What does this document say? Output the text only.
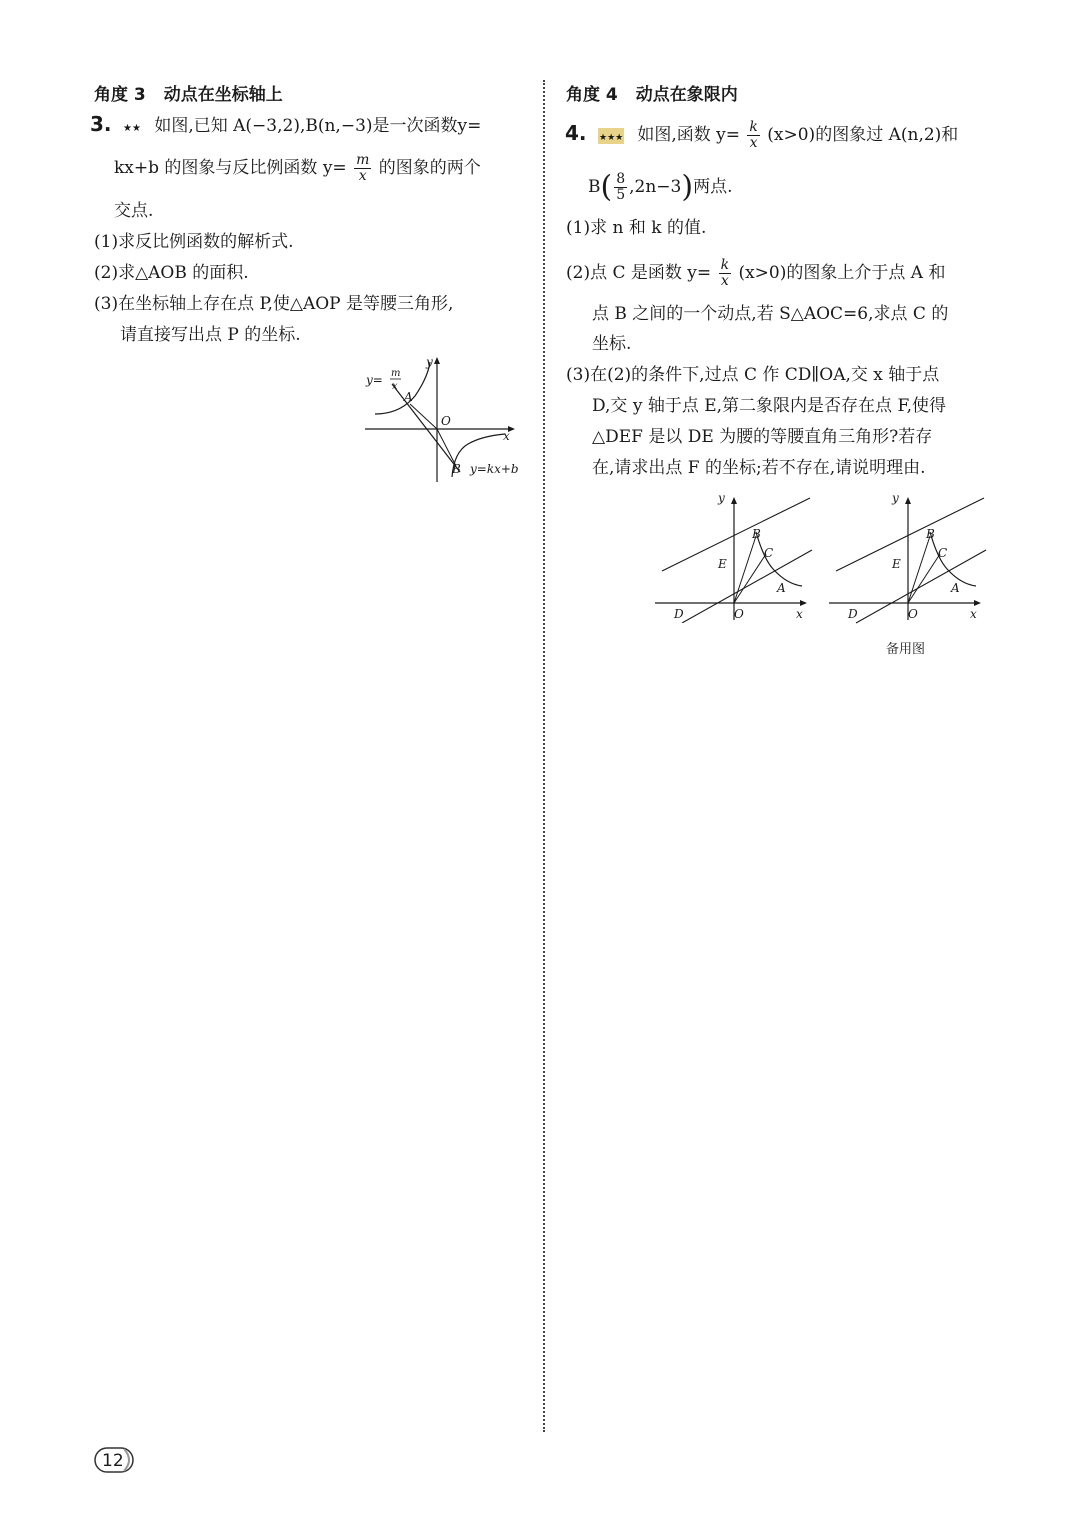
角度 3 动点在坐标轴上
3. ★★ 如图,已知 A(−3,2),B(n,−3)是一次函数y=
kx+b 的图象与反比例函数 $y= \frac{m}{x}$ 的图象的两个
交点.
(1)求反比例函数的解析式.
(2)求△AOB 的面积.
(3)在坐标轴上存在点 P,使△AOP 是等腰三角形,
请直接写出点 P 的坐标.
y= m
x
A
O
B y=kx+b
x
y
角度 4 动点在象限内
4. ★★★ 如图,函数 $y= \frac{k}{x} (x>0)$的图象过 A(n,2)和
$B( \frac{8}{5} ,2n-3)$两点.
(1)求 n 和 k 的值.
(2)点 C 是函数 $y= \frac{k}{x} (x>0)$的图象上介于点 A 和
点 B 之间的一个动点,若 S△AOC=6,求点 C 的
坐标.
(3)在(2)的条件下,过点 C 作 CD∥OA,交 x 轴于点
D,交 y 轴于点 E,第二象限内是否存在点 F,使得
△DEF 是以 DE 为腰的等腰直角三角形?若存
在,请求出点 F 的坐标;若不存在,请说明理由.
B
C
A
E
D	O	x
y
B
C
A
E
D	O	x
y
备用图
12
